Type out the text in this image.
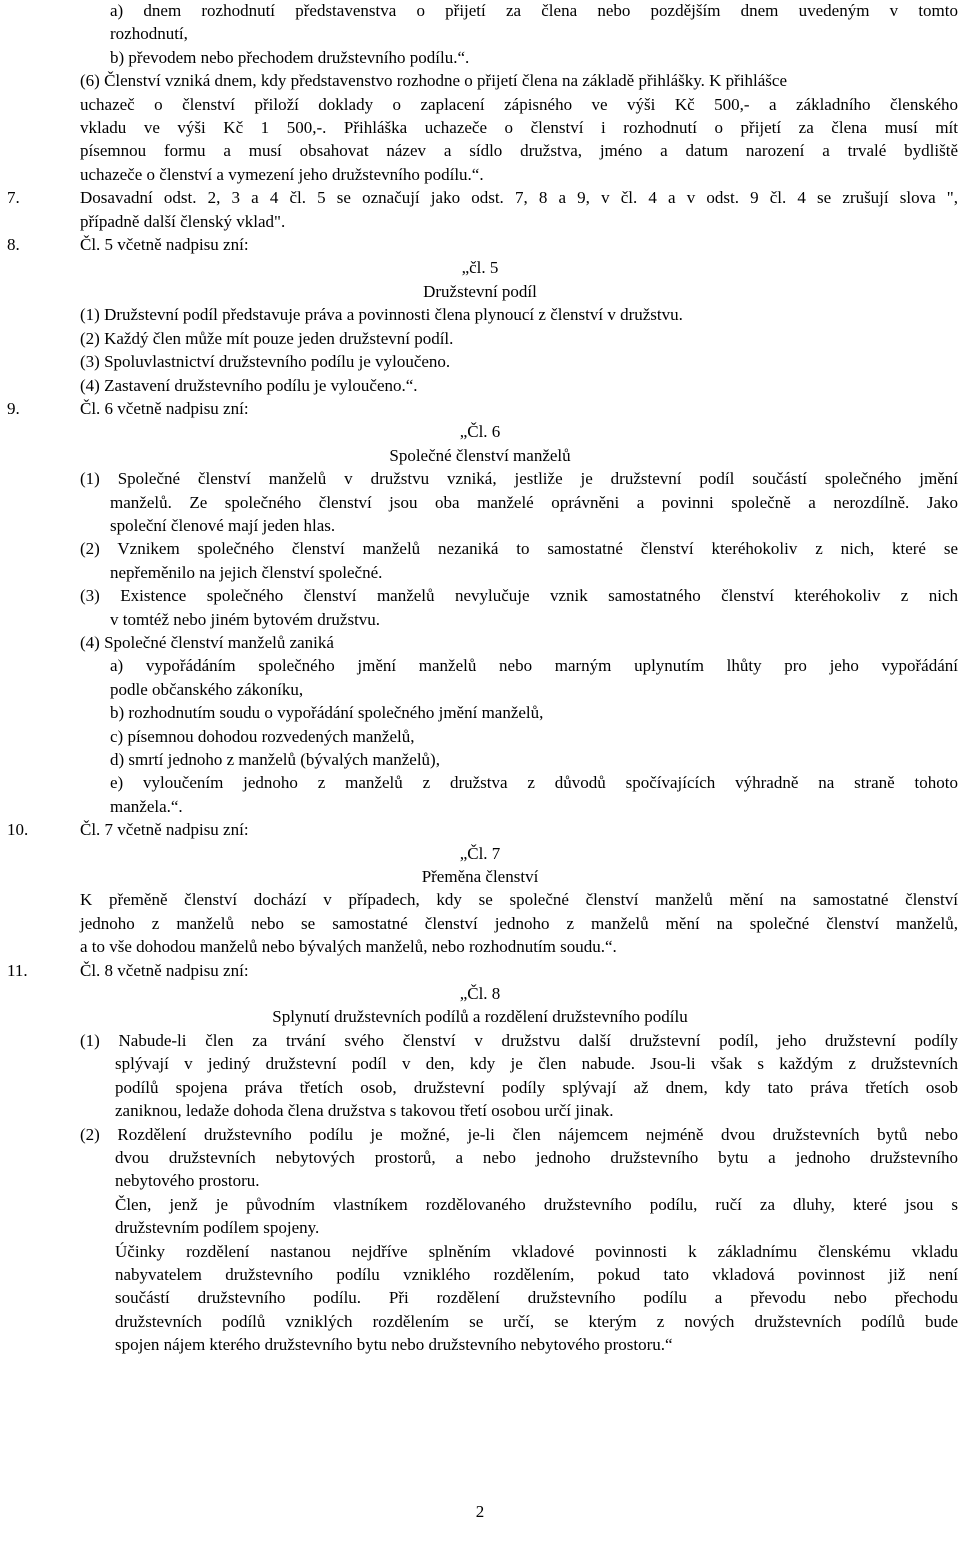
a) dnem rozhodnutí představenstva o přijetí za člena nebo pozdějším dnem uvedeným v tomto
rozhodnutí,
b) převodem nebo přechodem družstevního podílu.“.
(6) Členství vzniká dnem, kdy představenstvo rozhodne o přijetí člena na základě přihlášky. K přihlášce
uchazeč o členství přiloží doklady o zaplacení zápisného ve výši Kč 500,- a základního členského
vkladu ve výši Kč 1 500,-. Přihláška uchazeče o členství i rozhodnutí o přijetí za člena musí mít
písemnou formu a musí obsahovat název a sídlo družstva, jméno a datum narození a trvalé bydliště
uchazeče o členství a vymezení jeho družstevního podílu.“.
7.	Dosavadní odst. 2, 3 a 4 čl. 5 se označují jako odst. 7, 8 a 9, v čl. 4 a v odst. 9 čl. 4 se zrušují slova ",
případně další členský vklad".
8.	Čl. 5 včetně nadpisu zní:
„čl. 5
Družstevní podíl
(1) Družstevní podíl představuje práva a povinnosti člena plynoucí z členství v družstvu.
(2) Každý člen může mít pouze jeden družstevní podíl.
(3) Spoluvlastnictví družstevního podílu je vyloučeno.
(4) Zastavení družstevního podílu je vyloučeno.“.
9.	Čl. 6 včetně nadpisu zní:
„Čl. 6
Společné členství manželů
(1) Společné členství manželů v družstvu vzniká, jestliže je družstevní podíl součástí společného jmění
manželů. Ze společného členství jsou oba manželé oprávněni a povinni společně a nerozdílně. Jako
společní členové mají jeden hlas.
(2) Vznikem společného členství manželů nezaniká to samostatné členství kteréhokoliv z nich, které se
nepřeměnilo na jejich členství společné.
(3) Existence společného členství manželů nevylučuje vznik samostatného členství kteréhokoliv z nich
v tomtéž nebo jiném bytovém družstvu.
(4) Společné členství manželů zaniká
a) vypořádáním společného jmění manželů nebo marným uplynutím lhůty pro jeho vypořádání
podle občanského zákoníku,
b) rozhodnutím soudu o vypořádání společného jmění manželů,
c) písemnou dohodou rozvedených manželů,
d) smrtí jednoho z manželů (bývalých manželů),
e) vyloučením jednoho z manželů z družstva z důvodů spočívajících výhradně na straně tohoto
manžela.“.
10.	Čl. 7 včetně nadpisu zní:
„Čl. 7
Přeměna členství
K přeměně členství dochází v případech, kdy se společné členství manželů mění na samostatné členství
jednoho z manželů nebo se samostatné členství jednoho z manželů mění na společné členství manželů,
a to vše dohodou manželů nebo bývalých manželů, nebo rozhodnutím soudu.“.
11.	Čl. 8 včetně nadpisu zní:
„Čl. 8
Splynutí družstevních podílů a rozdělení družstevního podílu
(1) Nabude-li člen za trvání svého členství v družstvu další družstevní podíl, jeho družstevní podíly
splývají v jediný družstevní podíl v den, kdy je člen nabude. Jsou-li však s každým z družstevních
podílů spojena práva třetích osob, družstevní podíly splývají až dnem, kdy tato práva třetích osob
zaniknou, ledaže dohoda člena družstva s takovou třetí osobou určí jinak.
(2) Rozdělení družstevního podílu je možné, je-li člen nájemcem nejméně dvou družstevních bytů nebo
dvou družstevních nebytových prostorů, a nebo jednoho družstevního bytu a jednoho družstevního
nebytového prostoru.
Člen, jenž je původním vlastníkem rozdělovaného družstevního podílu, ručí za dluhy, které jsou s
družstevním podílem spojeny.
Účinky rozdělení nastanou nejdříve splněním vkladové povinnosti k základnímu členskému vkladu
nabyvatelem družstevního podílu vzniklého rozdělením, pokud tato vkladová povinnost již není
součástí družstevního podílu. Při rozdělení družstevního podílu a převodu nebo přechodu
družstevních podílů vzniklých rozdělením se určí, se kterým z nových družstevních podílů bude
spojen nájem kterého družstevního bytu nebo družstevního nebytového prostoru.“
2
